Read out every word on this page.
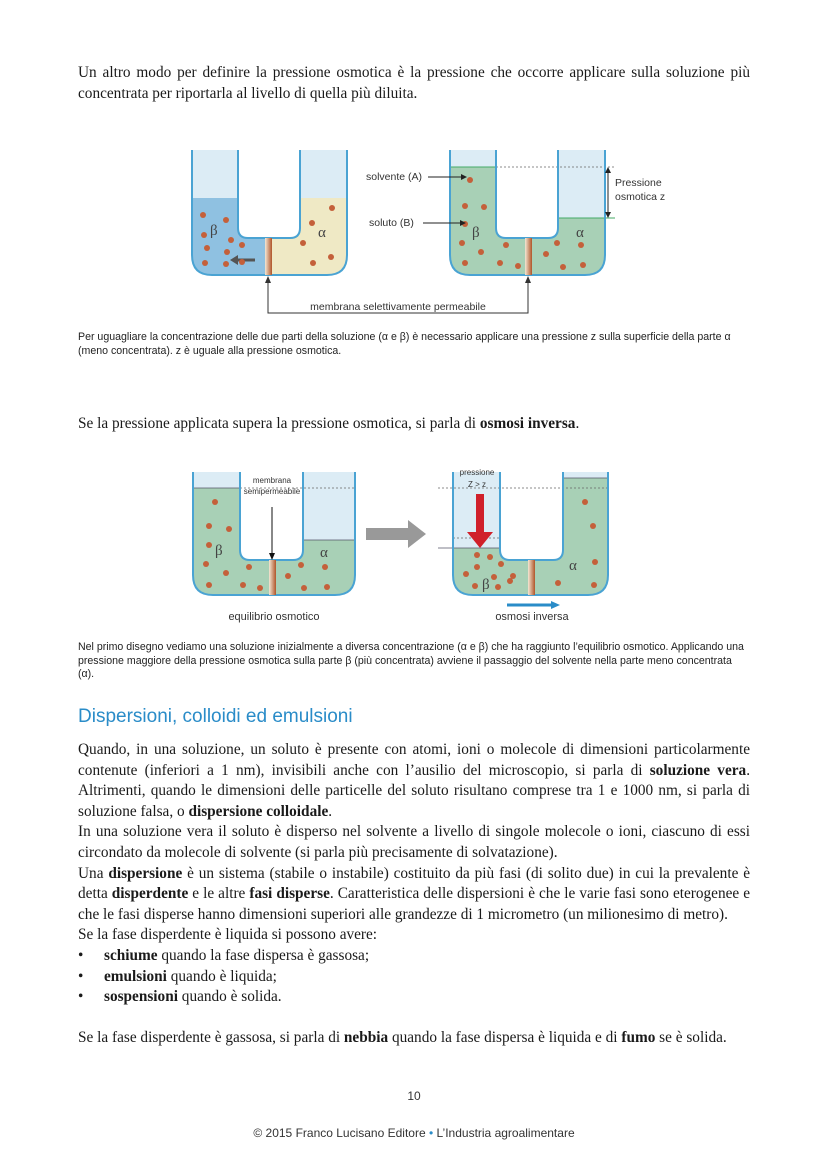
Un altro modo per definire la pressione osmotica è la pressione che occorre applicare sulla soluzione più concentrata per riportarla al livello di quella più diluita.

β	α	β	α
solvente (A)
soluto (B)
Pressione
osmotica z
membrana selettivamente permeabile

Per uguagliare la concentrazione delle due parti della soluzione (α e β) è necessario applicare una pressione z sulla superficie della parte α (meno concentrata). z è uguale alla pressione osmotica.

Se la pressione applicata supera la pressione osmotica, si parla di osmosi inversa.

β	α
membrana
semipermeabile
equilibrio osmotico
β
α
pressione
Z > z
osmosi inversa

Nel primo disegno vediamo una soluzione inizialmente a diversa concentrazione (α e β) che ha raggiunto l’equilibrio osmotico. Applicando una pressione maggiore della pressione osmotica sulla parte β (più concentrata) avviene il passaggio del solvente nella parte meno concentrata (α).

Dispersioni, colloidi ed emulsioni
Quando, in una soluzione, un soluto è presente con atomi, ioni o molecole di dimensioni particolarmente contenute (inferiori a 1 nm), invisibili anche con l’ausilio del microscopio, si parla di soluzione vera. Altrimenti, quando le dimensioni delle particelle del soluto risultano comprese tra 1 e 1000 nm, si parla di soluzione falsa, o dispersione colloidale.
In una soluzione vera il soluto è disperso nel solvente a livello di singole molecole o ioni, ciascuno di essi circondato da molecole di solvente (si parla più precisamente di solvatazione).
Una dispersione è un sistema (stabile o instabile) costituito da più fasi (di solito due) in cui la prevalente è detta disperdente e le altre fasi disperse. Caratteristica delle dispersioni è che le varie fasi sono eterogenee e che le fasi disperse hanno dimensioni superiori alle grandezze di 1 micrometro (un milionesimo di metro).
Se la fase disperdente è liquida si possono avere:
• schiume quando la fase dispersa è gassosa;
• emulsioni quando è liquida;
• sospensioni quando è solida.
Se la fase disperdente è gassosa, si parla di nebbia quando la fase dispersa è liquida e di fumo se è solida.
10
© 2015 Franco Lucisano Editore • L’Industria agroalimentare
